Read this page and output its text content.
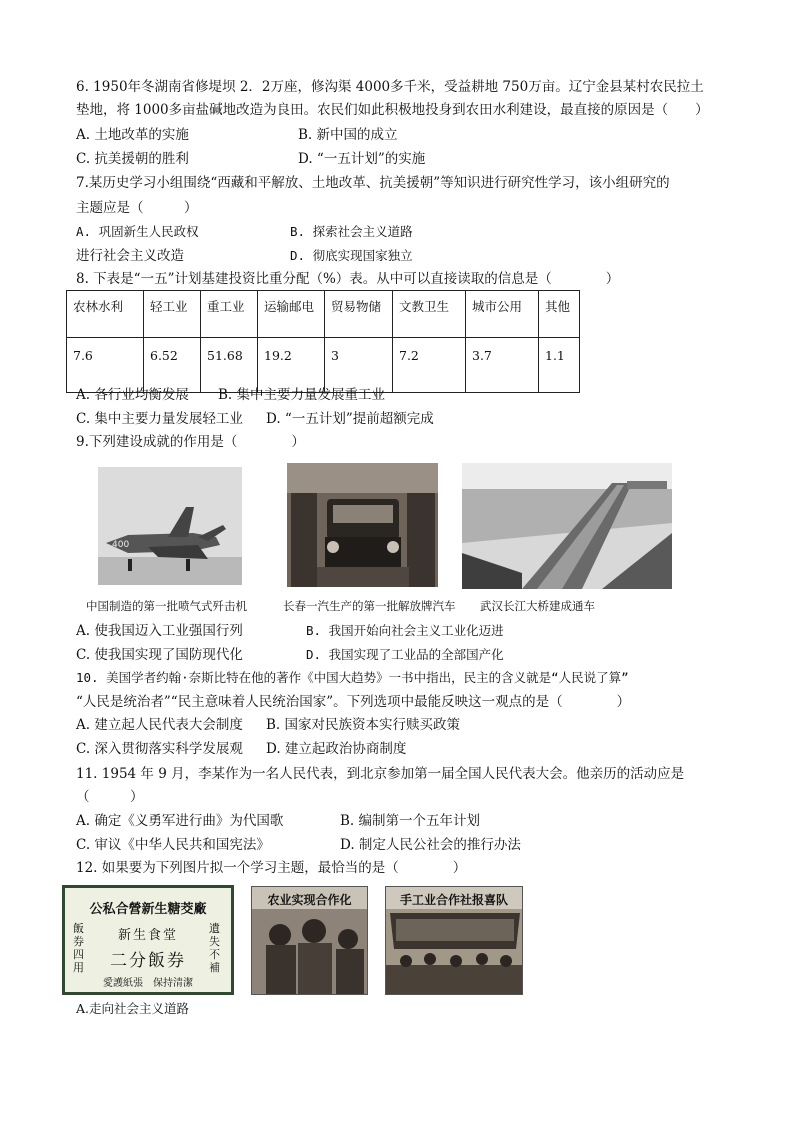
6. 1950年冬湖南省修堤坝 2．2万座，修沟渠 4000多千米，受益耕地 750万亩。辽宁金县某村农民拉土
垫地，将 1000多亩盐碱地改造为良田。农民们如此积极地投身到农田水利建设，最直接的原因是（　　）
A. 土地改革的实施	B. 新中国的成立
C. 抗美援朝的胜利	D. “一五计划”的实施
7.某历史学习小组围绕“西藏和平解放、土地改革、抗美援朝”等知识进行研究性学习，该小组研究的
主题应是（　　　）
A. 巩固新生人民政权	B. 探索社会主义道路
进行社会主义改造	D. 彻底实现国家独立
8. 下表是“一五”计划基建投资比重分配（%）表。从中可以直接读取的信息是（　　　　）
农林水利	轻工业	重工业	运输邮电	贸易物储	文教卫生	城市公用	其他
7.6	6.52	51.68	19.2	3	7.2	3.7	1.1
A. 各行业均衡发展 B. 集中主要力量发展重工业
C. 集中主要力量发展轻工业 D. “一五计划”提前超额完成
9.下列建设成就的作用是（　　　　）
400
中国制造的第一批喷气式歼击机	长春一汽生产的第一批解放牌汽车 武汉长江大桥建成通车
A. 使我国迈入工业强国行列	B. 我国开始向社会主义工业化迈进
C. 使我国实现了国防现代化	D. 我国实现了工业品的全部国产化
10. 美国学者约翰·奈斯比特在他的著作《中国大趋势》一书中指出，民主的含义就是“人民说了算”
“人民是统治者”“民主意味着人民统治国家”。下列选项中最能反映这一观点的是（　　　　）
A. 建立起人民代表大会制度 B. 国家对民族资本实行赎买政策
C. 深入贯彻落实科学发展观 D. 建立起政治协商制度
11. 1954 年 9 月，李某作为一名人民代表，到北京参加第一届全国人民代表大会。他亲历的活动应是
（　　　）
A. 确定《义勇军进行曲》为代国歌	B. 编制第一个五年计划
C. 审议《中华人民共和国宪法》	D. 制定人民公社会的推行办法
12. 如果要为下列图片拟一个学习主题，最恰当的是（　　　　）
公私合營新生糖茭廠
新生食堂
二分飯券
飯券四用
遺失不補
愛護紙張　保持清潔
农业实现合作化	手工业合作社报喜队
A.走向社会主义道路
